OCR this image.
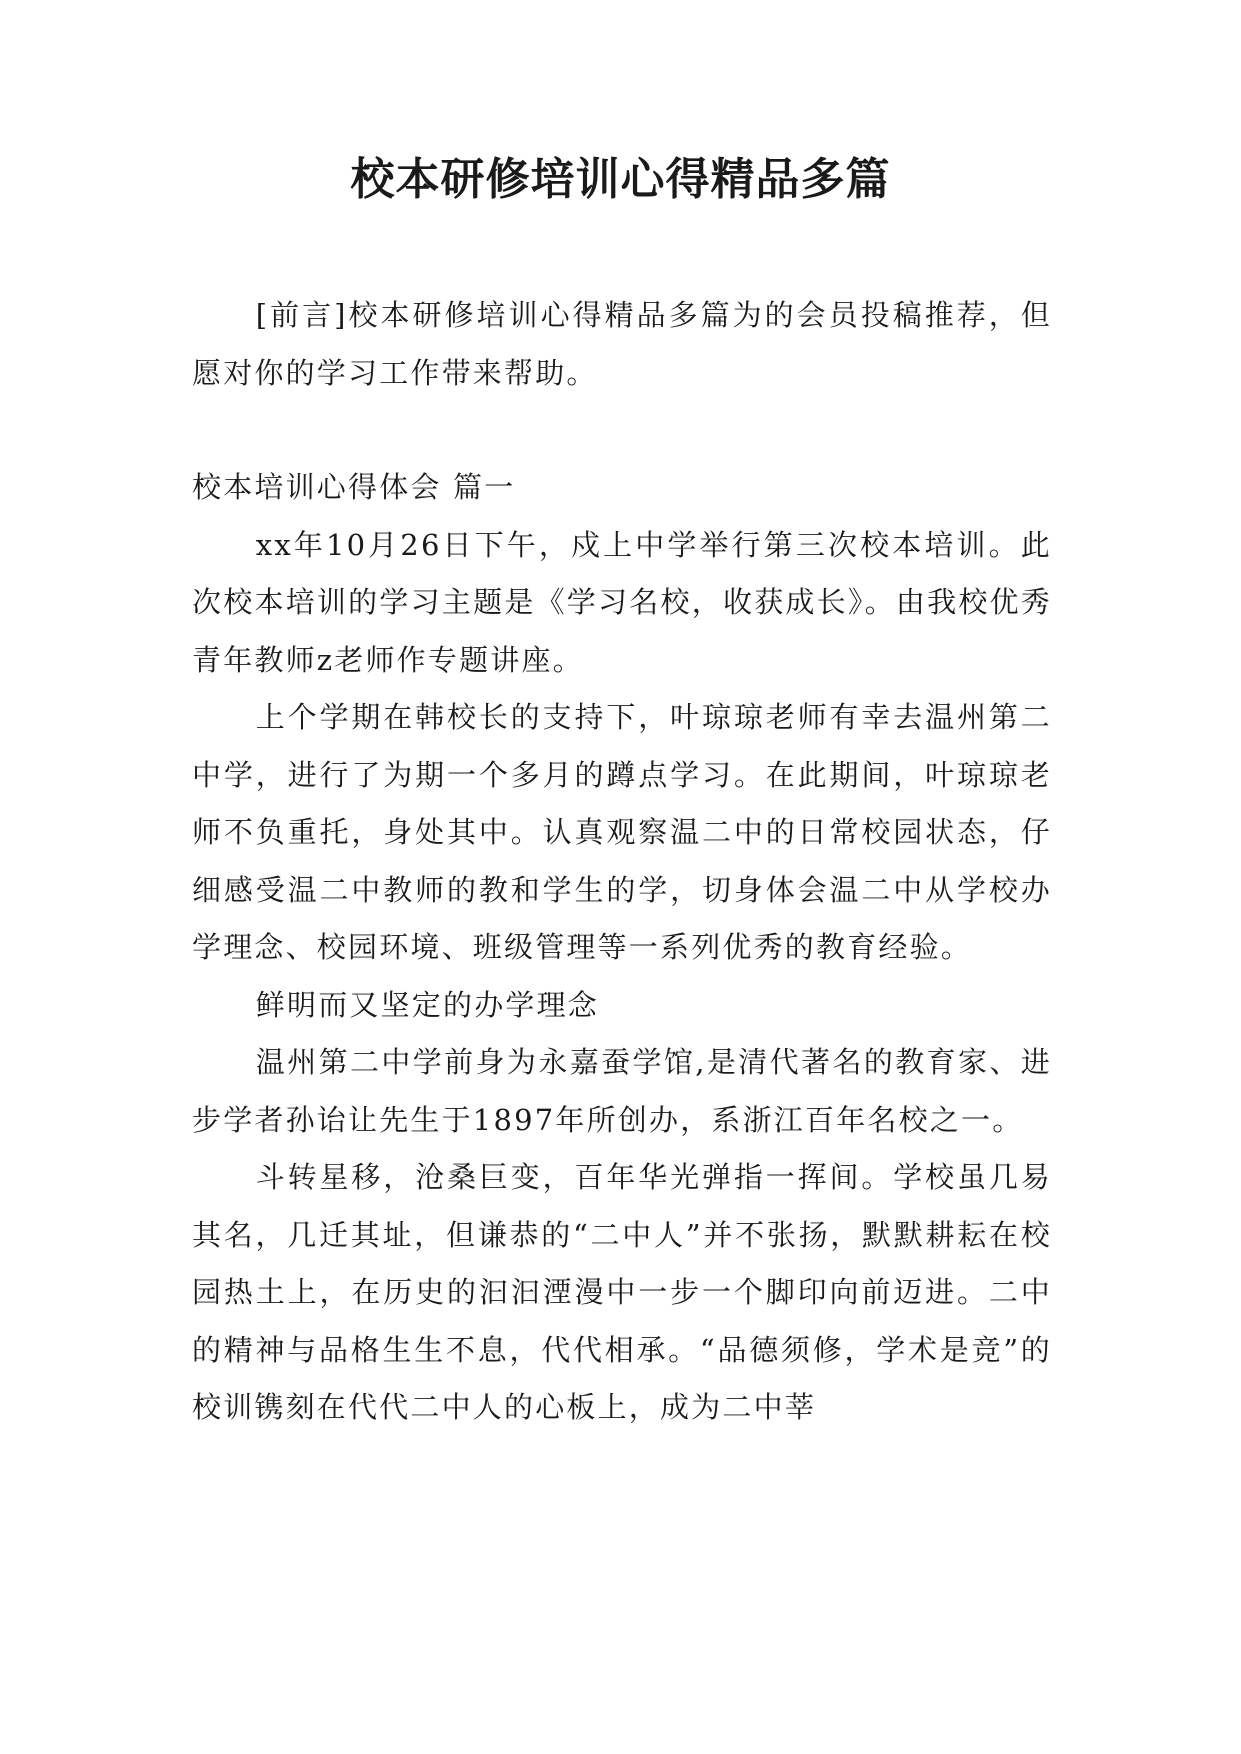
校本研修培训心得精品多篇

[前言]校本研修培训心得精品多篇为的会员投稿推荐，但愿对你的学习工作带来帮助。

校本培训心得体会 篇一

xx年10月26日下午，戍上中学举行第三次校本培训。此次校本培训的学习主题是《学习名校，收获成长》。由我校优秀青年教师z老师作专题讲座。

上个学期在韩校长的支持下，叶琼琼老师有幸去温州第二中学，进行了为期一个多月的蹲点学习。在此期间，叶琼琼老师不负重托，身处其中。认真观察温二中的日常校园状态，仔细感受温二中教师的教和学生的学，切身体会温二中从学校办学理念、校园环境、班级管理等一系列优秀的教育经验。

鲜明而又坚定的办学理念

温州第二中学前身为永嘉蚕学馆,是清代著名的教育家、进步学者孙诒让先生于1897年所创办，系浙江百年名校之一。

斗转星移，沧桑巨变，百年华光弹指一挥间。学校虽几易其名，几迁其址，但谦恭的“二中人”并不张扬，默默耕耘在校园热土上，在历史的汩汩湮漫中一步一个脚印向前迈进。二中的精神与品格生生不息，代代相承。“品德须修，学术是竞”的校训镌刻在代代二中人的心板上，成为二中莘
